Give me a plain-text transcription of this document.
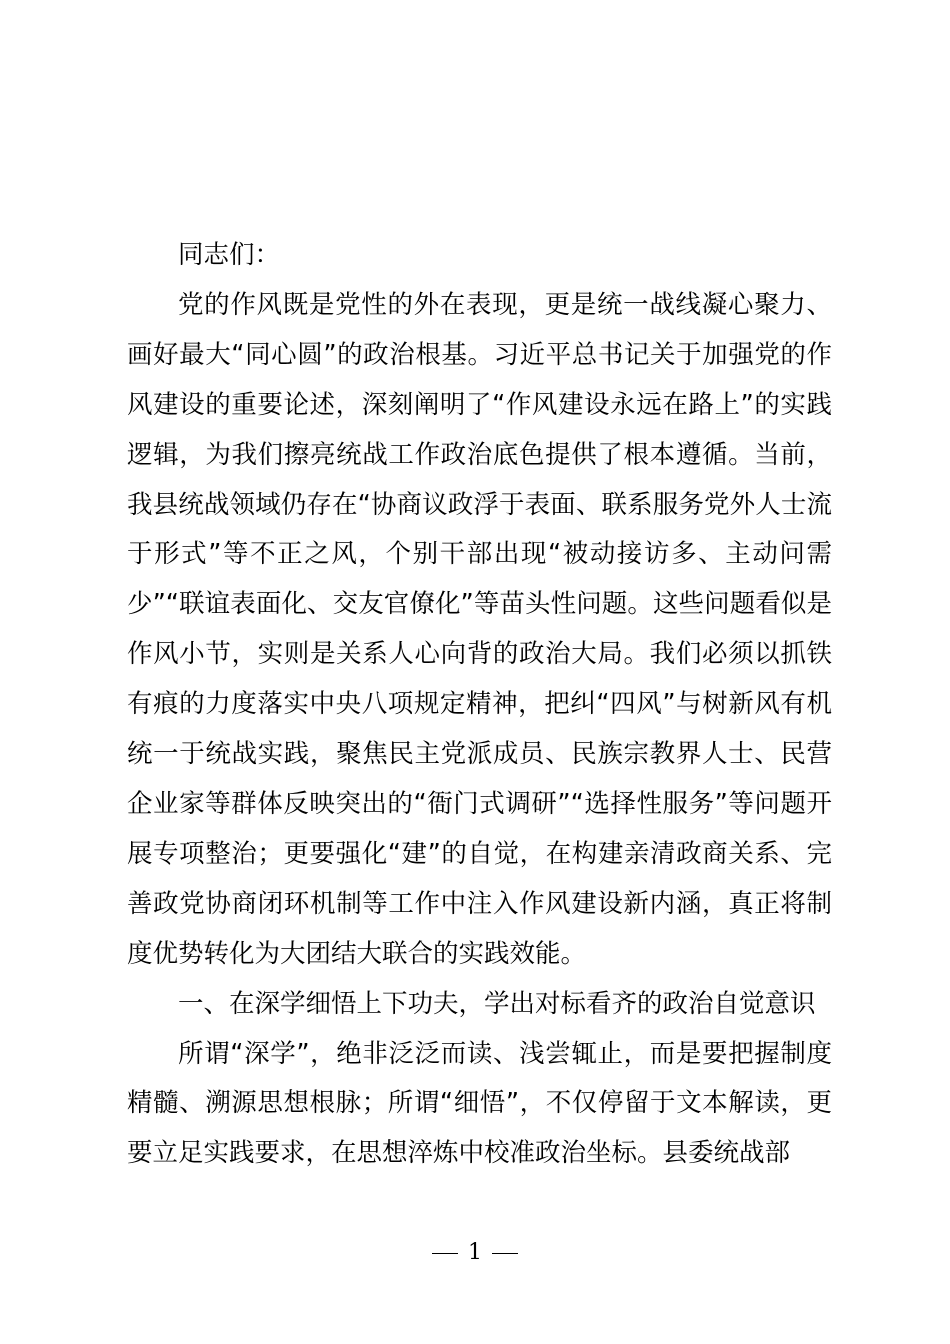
同志们：

党的作风既是党性的外在表现，更是统一战线凝心聚力、画好最大“同心圆”的政治根基。习近平总书记关于加强党的作风建设的重要论述，深刻阐明了“作风建设永远在路上”的实践逻辑，为我们擦亮统战工作政治底色提供了根本遵循。当前，我县统战领域仍存在“协商议政浮于表面、联系服务党外人士流于形式”等不正之风，个别干部出现“被动接访多、主动问需少”“联谊表面化、交友官僚化”等苗头性问题。这些问题看似是作风小节，实则是关系人心向背的政治大局。我们必须以抓铁有痕的力度落实中央八项规定精神，把纠“四风”与树新风有机统一于统战实践，聚焦民主党派成员、民族宗教界人士、民营企业家等群体反映突出的“衙门式调研”“选择性服务”等问题开展专项整治；更要强化“建”的自觉，在构建亲清政商关系、完善政党协商闭环机制等工作中注入作风建设新内涵，真正将制度优势转化为大团结大联合的实践效能。

一、在深学细悟上下功夫，学出对标看齐的政治自觉意识

所谓“深学”，绝非泛泛而读、浅尝辄止，而是要把握制度精髓、溯源思想根脉；所谓“细悟”，不仅停留于文本解读，更要立足实践要求，在思想淬炼中校准政治坐标。县委统战部

1
